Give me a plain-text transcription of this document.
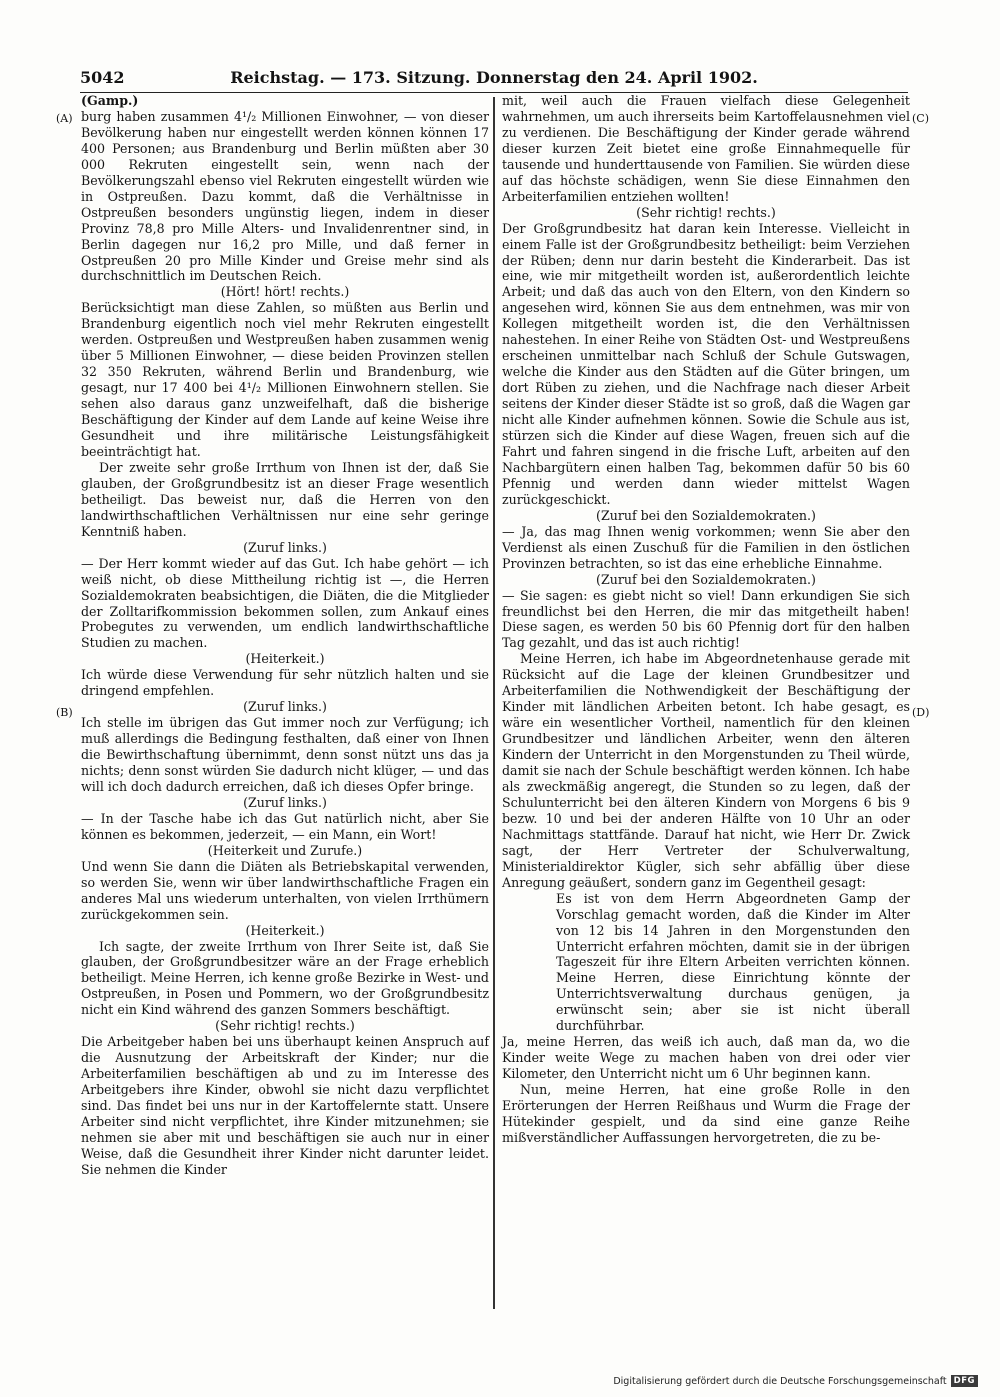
5042	Reichstag. — 173. Sitzung. Donnerstag den 24. April 1902.
(A)
(B)
(C)
(D)

(Gamp.)

burg haben zusammen 4¹/₂ Millionen Einwohner, — von dieser Bevölkerung haben nur eingestellt werden können können 17 400 Personen; aus Brandenburg und Berlin müßten aber 30 000 Rekruten eingestellt sein, wenn nach der Bevölkerungszahl ebenso viel Rekruten eingestellt würden wie in Ostpreußen. Dazu kommt, daß die Verhältnisse in Ostpreußen besonders ungünstig liegen, indem in dieser Provinz 78,8 pro Mille Alters- und Invalidenrentner sind, in Berlin dagegen nur 16,2 pro Mille, und daß ferner in Ostpreußen 20 pro Mille Kinder und Greise mehr sind als durchschnittlich im Deutschen Reich.

(Hört! hört! rechts.)

Berücksichtigt man diese Zahlen, so müßten aus Berlin und Brandenburg eigentlich noch viel mehr Rekruten eingestellt werden. Ostpreußen und Westpreußen haben zusammen wenig über 5 Millionen Einwohner, — diese beiden Provinzen stellen 32 350 Rekruten, während Berlin und Brandenburg, wie gesagt, nur 17 400 bei 4¹/₂ Millionen Einwohnern stellen. Sie sehen also daraus ganz unzweifelhaft, daß die bisherige Beschäftigung der Kinder auf dem Lande auf keine Weise ihre Gesundheit und ihre militärische Leistungsfähigkeit beeinträchtigt hat.

Der zweite sehr große Irrthum von Ihnen ist der, daß Sie glauben, der Großgrundbesitz ist an dieser Frage wesentlich betheiligt. Das beweist nur, daß die Herren von den landwirthschaftlichen Verhältnissen nur eine sehr geringe Kenntniß haben.

(Zuruf links.)

— Der Herr kommt wieder auf das Gut. Ich habe gehört — ich weiß nicht, ob diese Mittheilung richtig ist —, die Herren Sozialdemokraten beabsichtigen, die Diäten, die die Mitglieder der Zolltarifkommission bekommen sollen, zum Ankauf eines Probegutes zu verwenden, um endlich landwirthschaftliche Studien zu machen.

(Heiterkeit.)

Ich würde diese Verwendung für sehr nützlich halten und sie dringend empfehlen.

(Zuruf links.)

Ich stelle im übrigen das Gut immer noch zur Verfügung; ich muß allerdings die Bedingung festhalten, daß einer von Ihnen die Bewirthschaftung übernimmt, denn sonst nützt uns das ja nichts; denn sonst würden Sie dadurch nicht klüger, — und das will ich doch dadurch erreichen, daß ich dieses Opfer bringe.

(Zuruf links.)

— In der Tasche habe ich das Gut natürlich nicht, aber Sie können es bekommen, jederzeit, — ein Mann, ein Wort!

(Heiterkeit und Zurufe.)

Und wenn Sie dann die Diäten als Betriebskapital verwenden, so werden Sie, wenn wir über landwirthschaftliche Fragen ein anderes Mal uns wiederum unterhalten, von vielen Irrthümern zurückgekommen sein.

(Heiterkeit.)

Ich sagte, der zweite Irrthum von Ihrer Seite ist, daß Sie glauben, der Großgrundbesitzer wäre an der Frage erheblich betheiligt. Meine Herren, ich kenne große Bezirke in West- und Ostpreußen, in Posen und Pommern, wo der Großgrundbesitz nicht ein Kind während des ganzen Sommers beschäftigt.

(Sehr richtig! rechts.)

Die Arbeitgeber haben bei uns überhaupt keinen Anspruch auf die Ausnutzung der Arbeitskraft der Kinder; nur die Arbeiterfamilien beschäftigen ab und zu im Interesse des Arbeitgebers ihre Kinder, obwohl sie nicht dazu verpflichtet sind. Das findet bei uns nur in der Kartoffelernte statt. Unsere Arbeiter sind nicht verpflichtet, ihre Kinder mitzunehmen; sie nehmen sie aber mit und beschäftigen sie auch nur in einer Weise, daß die Gesundheit ihrer Kinder nicht darunter leidet. Sie nehmen die Kinder

mit, weil auch die Frauen vielfach diese Gelegenheit wahrnehmen, um auch ihrerseits beim Kartoffelausnehmen viel zu verdienen. Die Beschäftigung der Kinder gerade während dieser kurzen Zeit bietet eine große Einnahmequelle für tausende und hunderttausende von Familien. Sie würden diese auf das höchste schädigen, wenn Sie diese Einnahmen den Arbeiterfamilien entziehen wollten!

(Sehr richtig! rechts.)

Der Großgrundbesitz hat daran kein Interesse. Vielleicht in einem Falle ist der Großgrundbesitz betheiligt: beim Verziehen der Rüben; denn nur darin besteht die Kinderarbeit. Das ist eine, wie mir mitgetheilt worden ist, außerordentlich leichte Arbeit; und daß das auch von den Eltern, von den Kindern so angesehen wird, können Sie aus dem entnehmen, was mir von Kollegen mitgetheilt worden ist, die den Verhältnissen nahestehen. In einer Reihe von Städten Ost- und Westpreußens erscheinen unmittelbar nach Schluß der Schule Gutswagen, welche die Kinder aus den Städten auf die Güter bringen, um dort Rüben zu ziehen, und die Nachfrage nach dieser Arbeit seitens der Kinder dieser Städte ist so groß, daß die Wagen gar nicht alle Kinder aufnehmen können. Sowie die Schule aus ist, stürzen sich die Kinder auf diese Wagen, freuen sich auf die Fahrt und fahren singend in die frische Luft, arbeiten auf den Nachbargütern einen halben Tag, bekommen dafür 50 bis 60 Pfennig und werden dann wieder mittelst Wagen zurückgeschickt.

(Zuruf bei den Sozialdemokraten.)

— Ja, das mag Ihnen wenig vorkommen; wenn Sie aber den Verdienst als einen Zuschuß für die Familien in den östlichen Provinzen betrachten, so ist das eine erhebliche Einnahme.

(Zuruf bei den Sozialdemokraten.)

— Sie sagen: es giebt nicht so viel! Dann erkundigen Sie sich freundlichst bei den Herren, die mir das mitgetheilt haben! Diese sagen, es werden 50 bis 60 Pfennig dort für den halben Tag gezahlt, und das ist auch richtig!

Meine Herren, ich habe im Abgeordnetenhause gerade mit Rücksicht auf die Lage der kleinen Grundbesitzer und Arbeiterfamilien die Nothwendigkeit der Beschäftigung der Kinder mit ländlichen Arbeiten betont. Ich habe gesagt, es wäre ein wesentlicher Vortheil, namentlich für den kleinen Grundbesitzer und ländlichen Arbeiter, wenn den älteren Kindern der Unterricht in den Morgenstunden zu Theil würde, damit sie nach der Schule beschäftigt werden können. Ich habe als zweckmäßig angeregt, die Stunden so zu legen, daß der Schulunterricht bei den älteren Kindern von Morgens 6 bis 9 bezw. 10 und bei der anderen Hälfte von 10 Uhr an oder Nachmittags stattfände. Darauf hat nicht, wie Herr Dr. Zwick sagt, der Herr Vertreter der Schulverwaltung, Ministerialdirektor Kügler, sich sehr abfällig über diese Anregung geäußert, sondern ganz im Gegentheil gesagt:

Es ist von dem Herrn Abgeordneten Gamp der Vorschlag gemacht worden, daß die Kinder im Alter von 12 bis 14 Jahren in den Morgenstunden den Unterricht erfahren möchten, damit sie in der übrigen Tageszeit für ihre Eltern Arbeiten verrichten können. Meine Herren, diese Einrichtung könnte der Unterrichtsverwaltung durchaus genügen, ja erwünscht sein; aber sie ist nicht überall durchführbar.

Ja, meine Herren, das weiß ich auch, daß man da, wo die Kinder weite Wege zu machen haben von drei oder vier Kilometer, den Unterricht nicht um 6 Uhr beginnen kann.

Nun, meine Herren, hat eine große Rolle in den Erörterungen der Herren Reißhaus und Wurm die Frage der Hütekinder gespielt, und da sind eine ganze Reihe mißverständlicher Auffassungen hervorgetreten, die zu be-

Digitalisierung gefördert durch die Deutsche Forschungsgemeinschaft DFG
